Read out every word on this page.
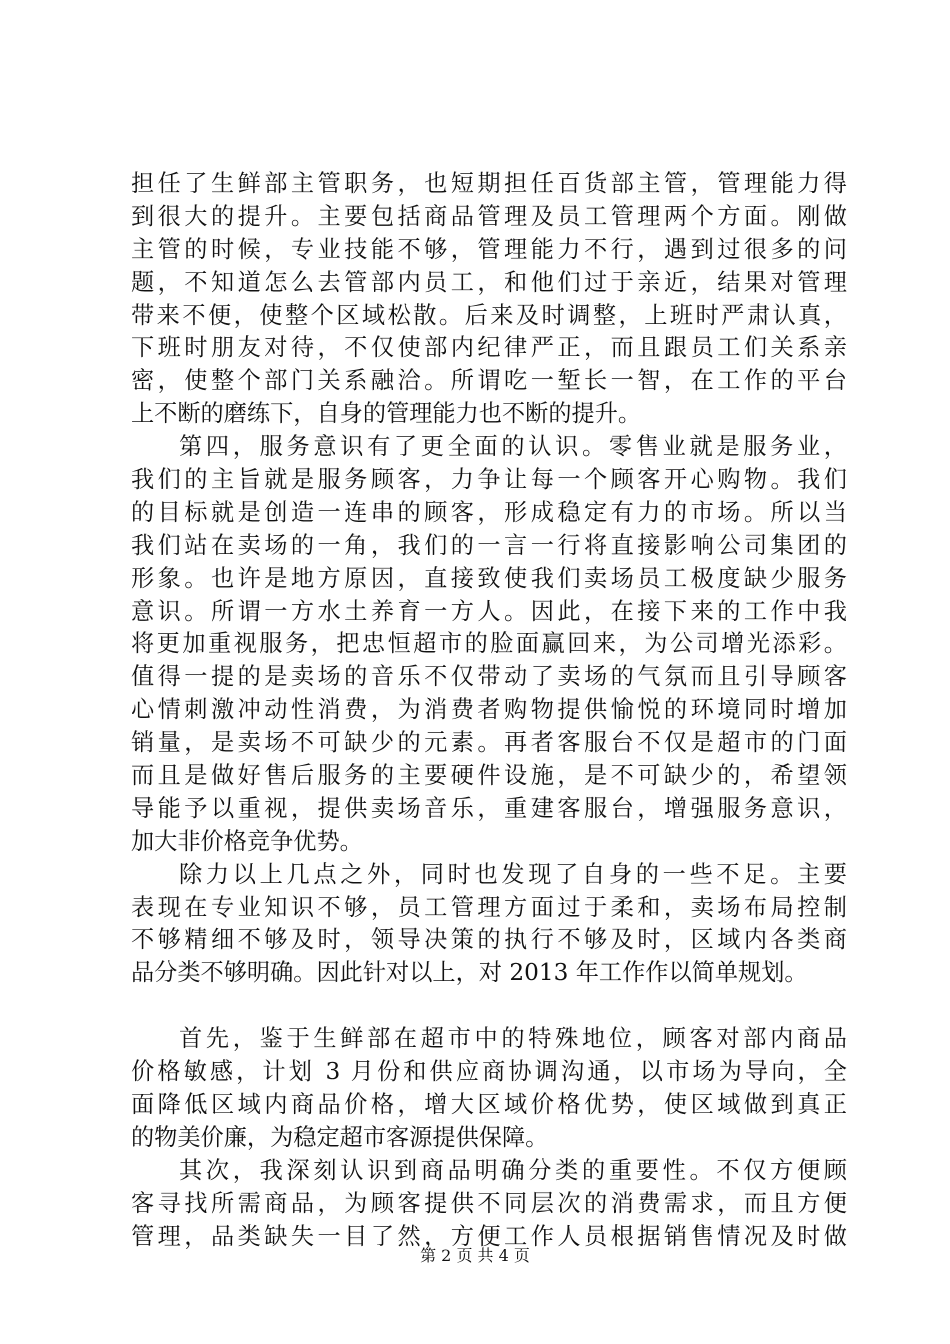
担任了生鲜部主管职务，也短期担任百货部主管，管理能力得
到很大的提升。主要包括商品管理及员工管理两个方面。刚做
主管的时候，专业技能不够，管理能力不行，遇到过很多的问
题，不知道怎么去管部内员工，和他们过于亲近，结果对管理
带来不便，使整个区域松散。后来及时调整，上班时严肃认真，
下班时朋友对待，不仅使部内纪律严正，而且跟员工们关系亲
密，使整个部门关系融洽。所谓吃一堑长一智，在工作的平台
上不断的磨练下，自身的管理能力也不断的提升。
第四，服务意识有了更全面的认识。零售业就是服务业，
我们的主旨就是服务顾客，力争让每一个顾客开心购物。我们
的目标就是创造一连串的顾客，形成稳定有力的市场。所以当
我们站在卖场的一角，我们的一言一行将直接影响公司集团的
形象。也许是地方原因，直接致使我们卖场员工极度缺少服务
意识。所谓一方水土养育一方人。因此，在接下来的工作中我
将更加重视服务，把忠恒超市的脸面赢回来，为公司增光添彩。
值得一提的是卖场的音乐不仅带动了卖场的气氛而且引导顾客
心情刺激冲动性消费，为消费者购物提供愉悦的环境同时增加
销量，是卖场不可缺少的元素。再者客服台不仅是超市的门面
而且是做好售后服务的主要硬件设施，是不可缺少的，希望领
导能予以重视，提供卖场音乐，重建客服台，增强服务意识，
加大非价格竞争优势。
除力以上几点之外，同时也发现了自身的一些不足。主要
表现在专业知识不够，员工管理方面过于柔和，卖场布局控制
不够精细不够及时，领导决策的执行不够及时，区域内各类商
品分类不够明确。因此针对以上，对 2013 年工作作以简单规划。
首先，鉴于生鲜部在超市中的特殊地位，顾客对部内商品
价格敏感，计划 3 月份和供应商协调沟通，以市场为导向，全
面降低区域内商品价格，增大区域价格优势，使区域做到真正
的物美价廉，为稳定超市客源提供保障。
其次，我深刻认识到商品明确分类的重要性。不仅方便顾
客寻找所需商品，为顾客提供不同层次的消费需求，而且方便
管理，品类缺失一目了然，方便工作人员根据销售情况及时做
第 2 页 共 4 页
